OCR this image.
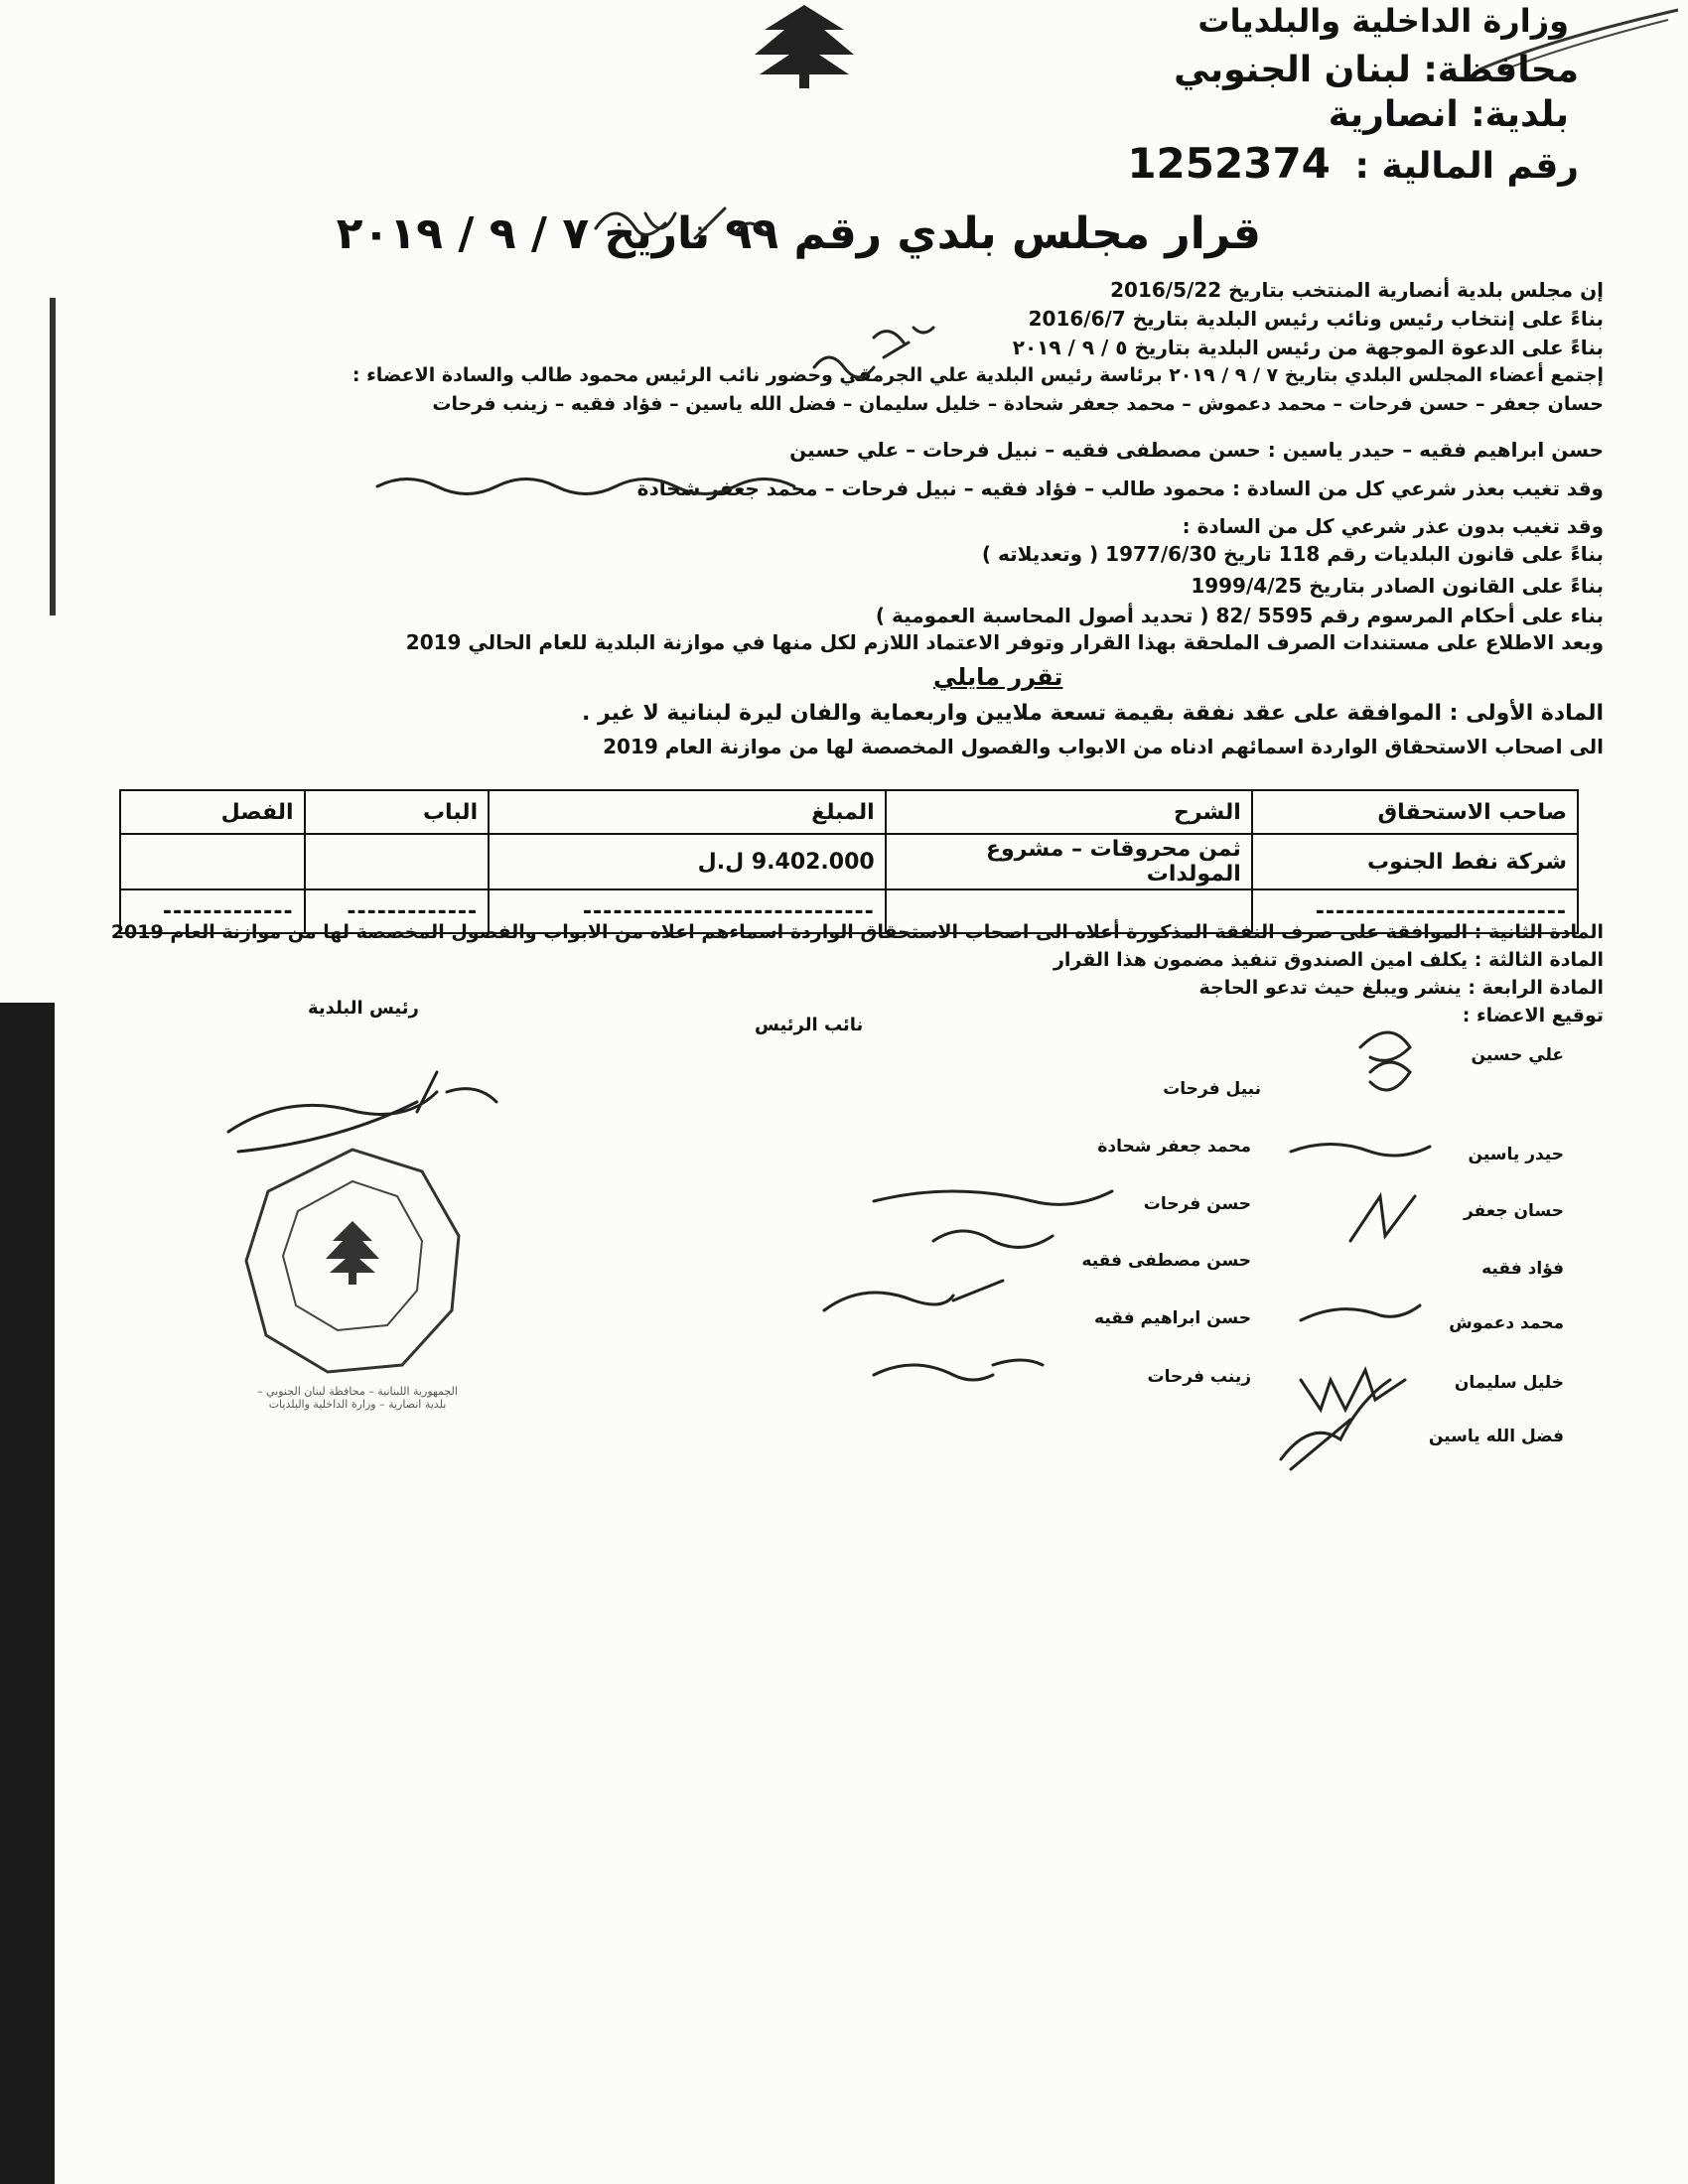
وزارة الداخلية والبلديات
محافظة: لبنان الجنوبي
بلدية: انصارية
رقم المالية : 1252374
قرار مجلس بلدي رقم ٩٩ تاريخ ٧ / ٩ / ٢٠١٩
إن مجلس بلدية أنصارية المنتخب بتاريخ 2016/5/22
بناءً على إنتخاب رئيس ونائب رئيس البلدية بتاريخ 2016/6/7
بناءً على الدعوة الموجهة من رئيس البلدية بتاريخ ٥ / ٩ / ٢٠١٩
إجتمع أعضاء المجلس البلدي بتاريخ ٧ / ٩ / ٢٠١٩ برئاسة رئيس البلدية علي الجرمقي وحضور نائب الرئيس محمود طالب والسادة الاعضاء :
حسان جعفر – حسن فرحات – محمد دعموش – محمد جعفر شحادة – خليل سليمان – فضل الله ياسين – فؤاد فقيه – زينب فرحات
حسن ابراهيم فقيه – حيدر ياسين : حسن مصطفى فقيه – نبيل فرحات – علي حسين
وقد تغيب بعذر شرعي كل من السادة : محمود طالب – فؤاد فقيه – نبيل فرحات – محمد جعفر شحادة
وقد تغيب بدون عذر شرعي كل من السادة :
بناءً على قانون البلديات رقم 118 تاريخ 1977/6/30 ( وتعديلاته )
بناءً على القانون الصادر بتاريخ 1999/4/25
بناء على أحكام المرسوم رقم 5595 /82 ( تحديد أصول المحاسبة العمومية )
وبعد الاطلاع على مستندات الصرف الملحقة بهذا القرار وتوفر الاعتماد اللازم لكل منها في موازنة البلدية للعام الحالي 2019
تقرر مايلي
المادة الأولى : الموافقة على عقد نفقة بقيمة تسعة ملايين واربعماية والفان ليرة لبنانية لا غير .
الى اصحاب الاستحقاق الواردة اسمائهم ادناه من الابواب والفصول المخصصة لها من موازنة العام 2019
صاحب الاستحقاق	الشرح	المبلغ	الباب	الفصل
شركة نفط الجنوب	ثمن محروقات – مشروع المولدات	9.402.000 ل.ل		
-------------------------		-----------------------------	-------------	-------------
المادة الثانية : الموافقة على صرف النفقة المذكورة أعلاه الى اصحاب الاستحقاق الواردة اسماءهم اعلاه من الابواب والفصول المخصصة لها من موازنة العام 2019
المادة الثالثة : يكلف امين الصندوق تنفيذ مضمون هذا القرار
المادة الرابعة : ينشر ويبلغ حيث تدعو الحاجة
توقيع الاعضاء :
رئيس البلدية
نائب الرئيس
علي حسين
حيدر ياسين
حسان جعفر
فؤاد فقيه
محمد دعموش
خليل سليمان
فضل الله ياسين
نبيل فرحات
محمد جعفر شحادة
حسن فرحات
حسن مصطفى فقيه
حسن ابراهيم فقيه
زينب فرحات
الجمهورية اللبنانية – محافظة لبنان الجنوبي – بلدية انصارية – وزارة الداخلية والبلديات
